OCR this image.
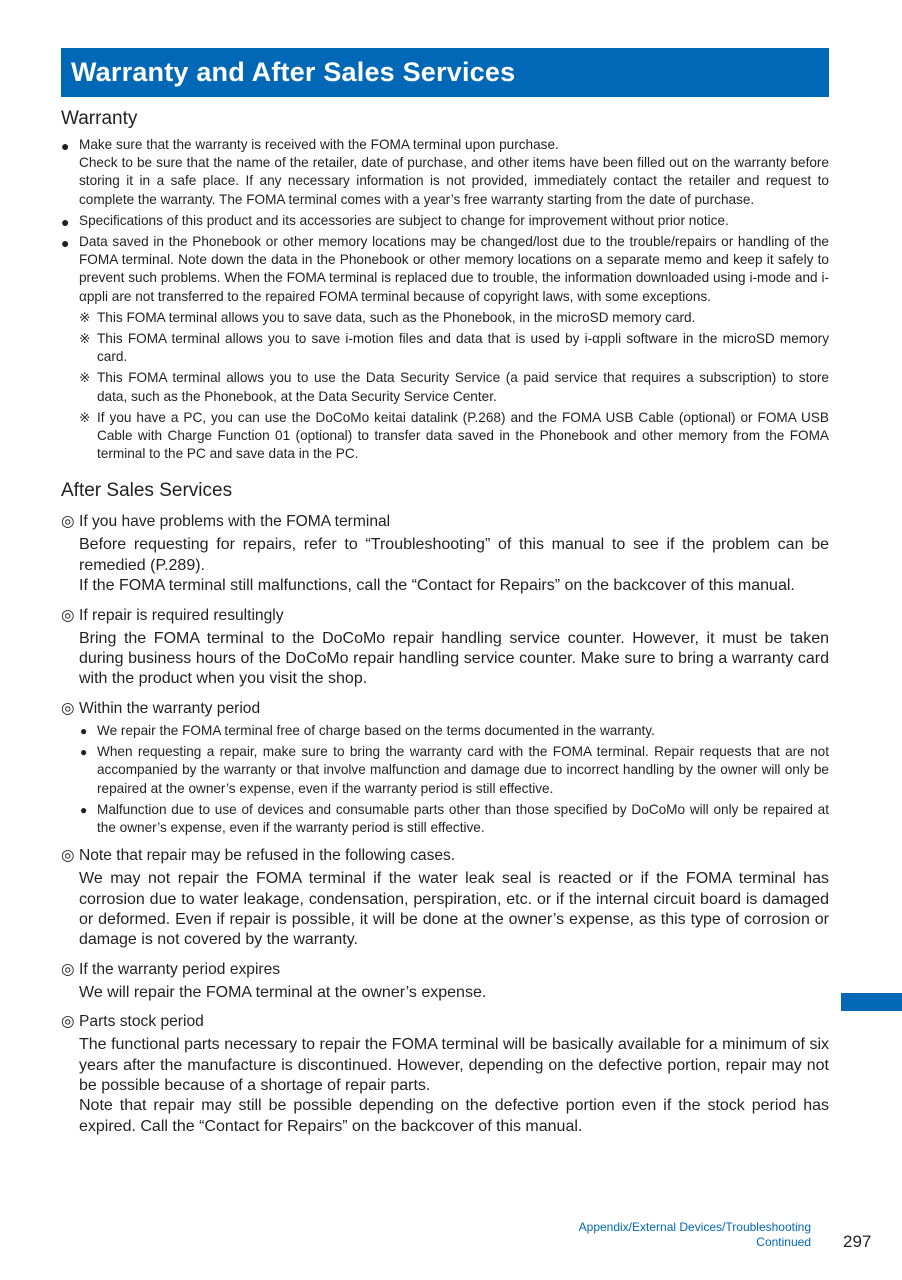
Warranty and After Sales Services
Warranty
● Make sure that the warranty is received with the FOMA terminal upon purchase.

Check to be sure that the name of the retailer, date of purchase, and other items have been filled out on the warranty before storing it in a safe place. If any necessary information is not provided, immediately contact the retailer and request to complete the warranty. The FOMA terminal comes with a year’s free warranty starting from the date of purchase.

● Specifications of this product and its accessories are subject to change for improvement without prior notice.

● Data saved in the Phonebook or other memory locations may be changed/lost due to the trouble/repairs or handling of the FOMA terminal. Note down the data in the Phonebook or other memory locations on a separate memo and keep it safely to prevent such problems. When the FOMA terminal is replaced due to trouble, the information downloaded using i-mode and i-αppli are not transferred to the repaired FOMA terminal because of copyright laws, with some exceptions.

※ This FOMA terminal allows you to save data, such as the Phonebook, in the microSD memory card.
※ This FOMA terminal allows you to save i-motion files and data that is used by i-αppli software in the microSD memory card.
※ This FOMA terminal allows you to use the Data Security Service (a paid service that requires a subscription) to store data, such as the Phonebook, at the Data Security Service Center.
※ If you have a PC, you can use the DoCoMo keitai datalink (P.268) and the FOMA USB Cable (optional) or FOMA USB Cable with Charge Function 01 (optional) to transfer data saved in the Phonebook and other memory from the FOMA terminal to the PC and save data in the PC.
After Sales Services
◎ If you have problems with the FOMA terminal

Before requesting for repairs, refer to “Troubleshooting” of this manual to see if the problem can be remedied (P.289).

If the FOMA terminal still malfunctions, call the “Contact for Repairs” on the backcover of this manual.

◎ If repair is required resultingly

Bring the FOMA terminal to the DoCoMo repair handling service counter. However, it must be taken during business hours of the DoCoMo repair handling service counter. Make sure to bring a warranty card with the product when you visit the shop.

◎ Within the warranty period
● We repair the FOMA terminal free of charge based on the terms documented in the warranty.
● When requesting a repair, make sure to bring the warranty card with the FOMA terminal. Repair requests that are not accompanied by the warranty or that involve malfunction and damage due to incorrect handling by the owner will only be repaired at the owner’s expense, even if the warranty period is still effective.
● Malfunction due to use of devices and consumable parts other than those specified by DoCoMo will only be repaired at the owner’s expense, even if the warranty period is still effective.
◎ Note that repair may be refused in the following cases.

We may not repair the FOMA terminal if the water leak seal is reacted or if the FOMA terminal has corrosion due to water leakage, condensation, perspiration, etc. or if the internal circuit board is damaged or deformed. Even if repair is possible, it will be done at the owner’s expense, as this type of corrosion or damage is not covered by the warranty.

◎ If the warranty period expires

We will repair the FOMA terminal at the owner’s expense.

◎ Parts stock period

The functional parts necessary to repair the FOMA terminal will be basically available for a minimum of six years after the manufacture is discontinued. However, depending on the defective portion, repair may not be possible because of a shortage of repair parts.

Note that repair may still be possible depending on the defective portion even if the stock period has expired. Call the “Contact for Repairs” on the backcover of this manual.

Appendix/External Devices/Troubleshooting
Continued 297
